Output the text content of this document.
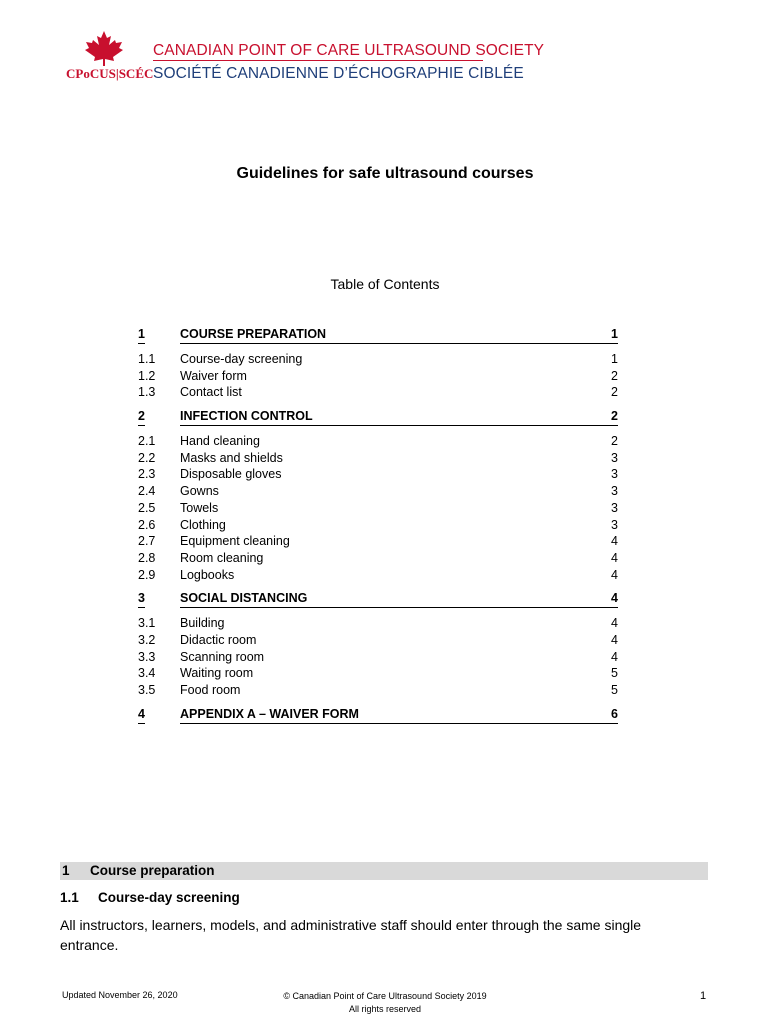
CPoCUS|SCÉC
CANADIAN POINT OF CARE ULTRASOUND SOCIETY
SOCIÉTÉ CANADIENNE D’ÉCHOGRAPHIE CIBLÉE
Guidelines for safe ultrasound courses
Table of Contents
1	COURSE PREPARATION	1
1.1 Course-day screening	1
1.2 Waiver form	2
1.3 Contact list	2
2	INFECTION CONTROL	2
2.1 Hand cleaning	2
2.2 Masks and shields	3
2.3 Disposable gloves	3
2.4 Gowns	3
2.5 Towels	3
2.6 Clothing	3
2.7 Equipment cleaning	4
2.8 Room cleaning	4
2.9 Logbooks	4
3	SOCIAL DISTANCING	4
3.1 Building	4
3.2 Didactic room	4
3.3 Scanning room	4
3.4 Waiting room	5
3.5 Food room	5
4	APPENDIX A – WAIVER FORM	6
1 Course preparation
1.1 Course-day screening
All instructors, learners, models, and administrative staff should enter through the same single entrance.
Updated November 26, 2020	© Canadian Point of Care Ultrasound Society 2019
All rights reserved
1
